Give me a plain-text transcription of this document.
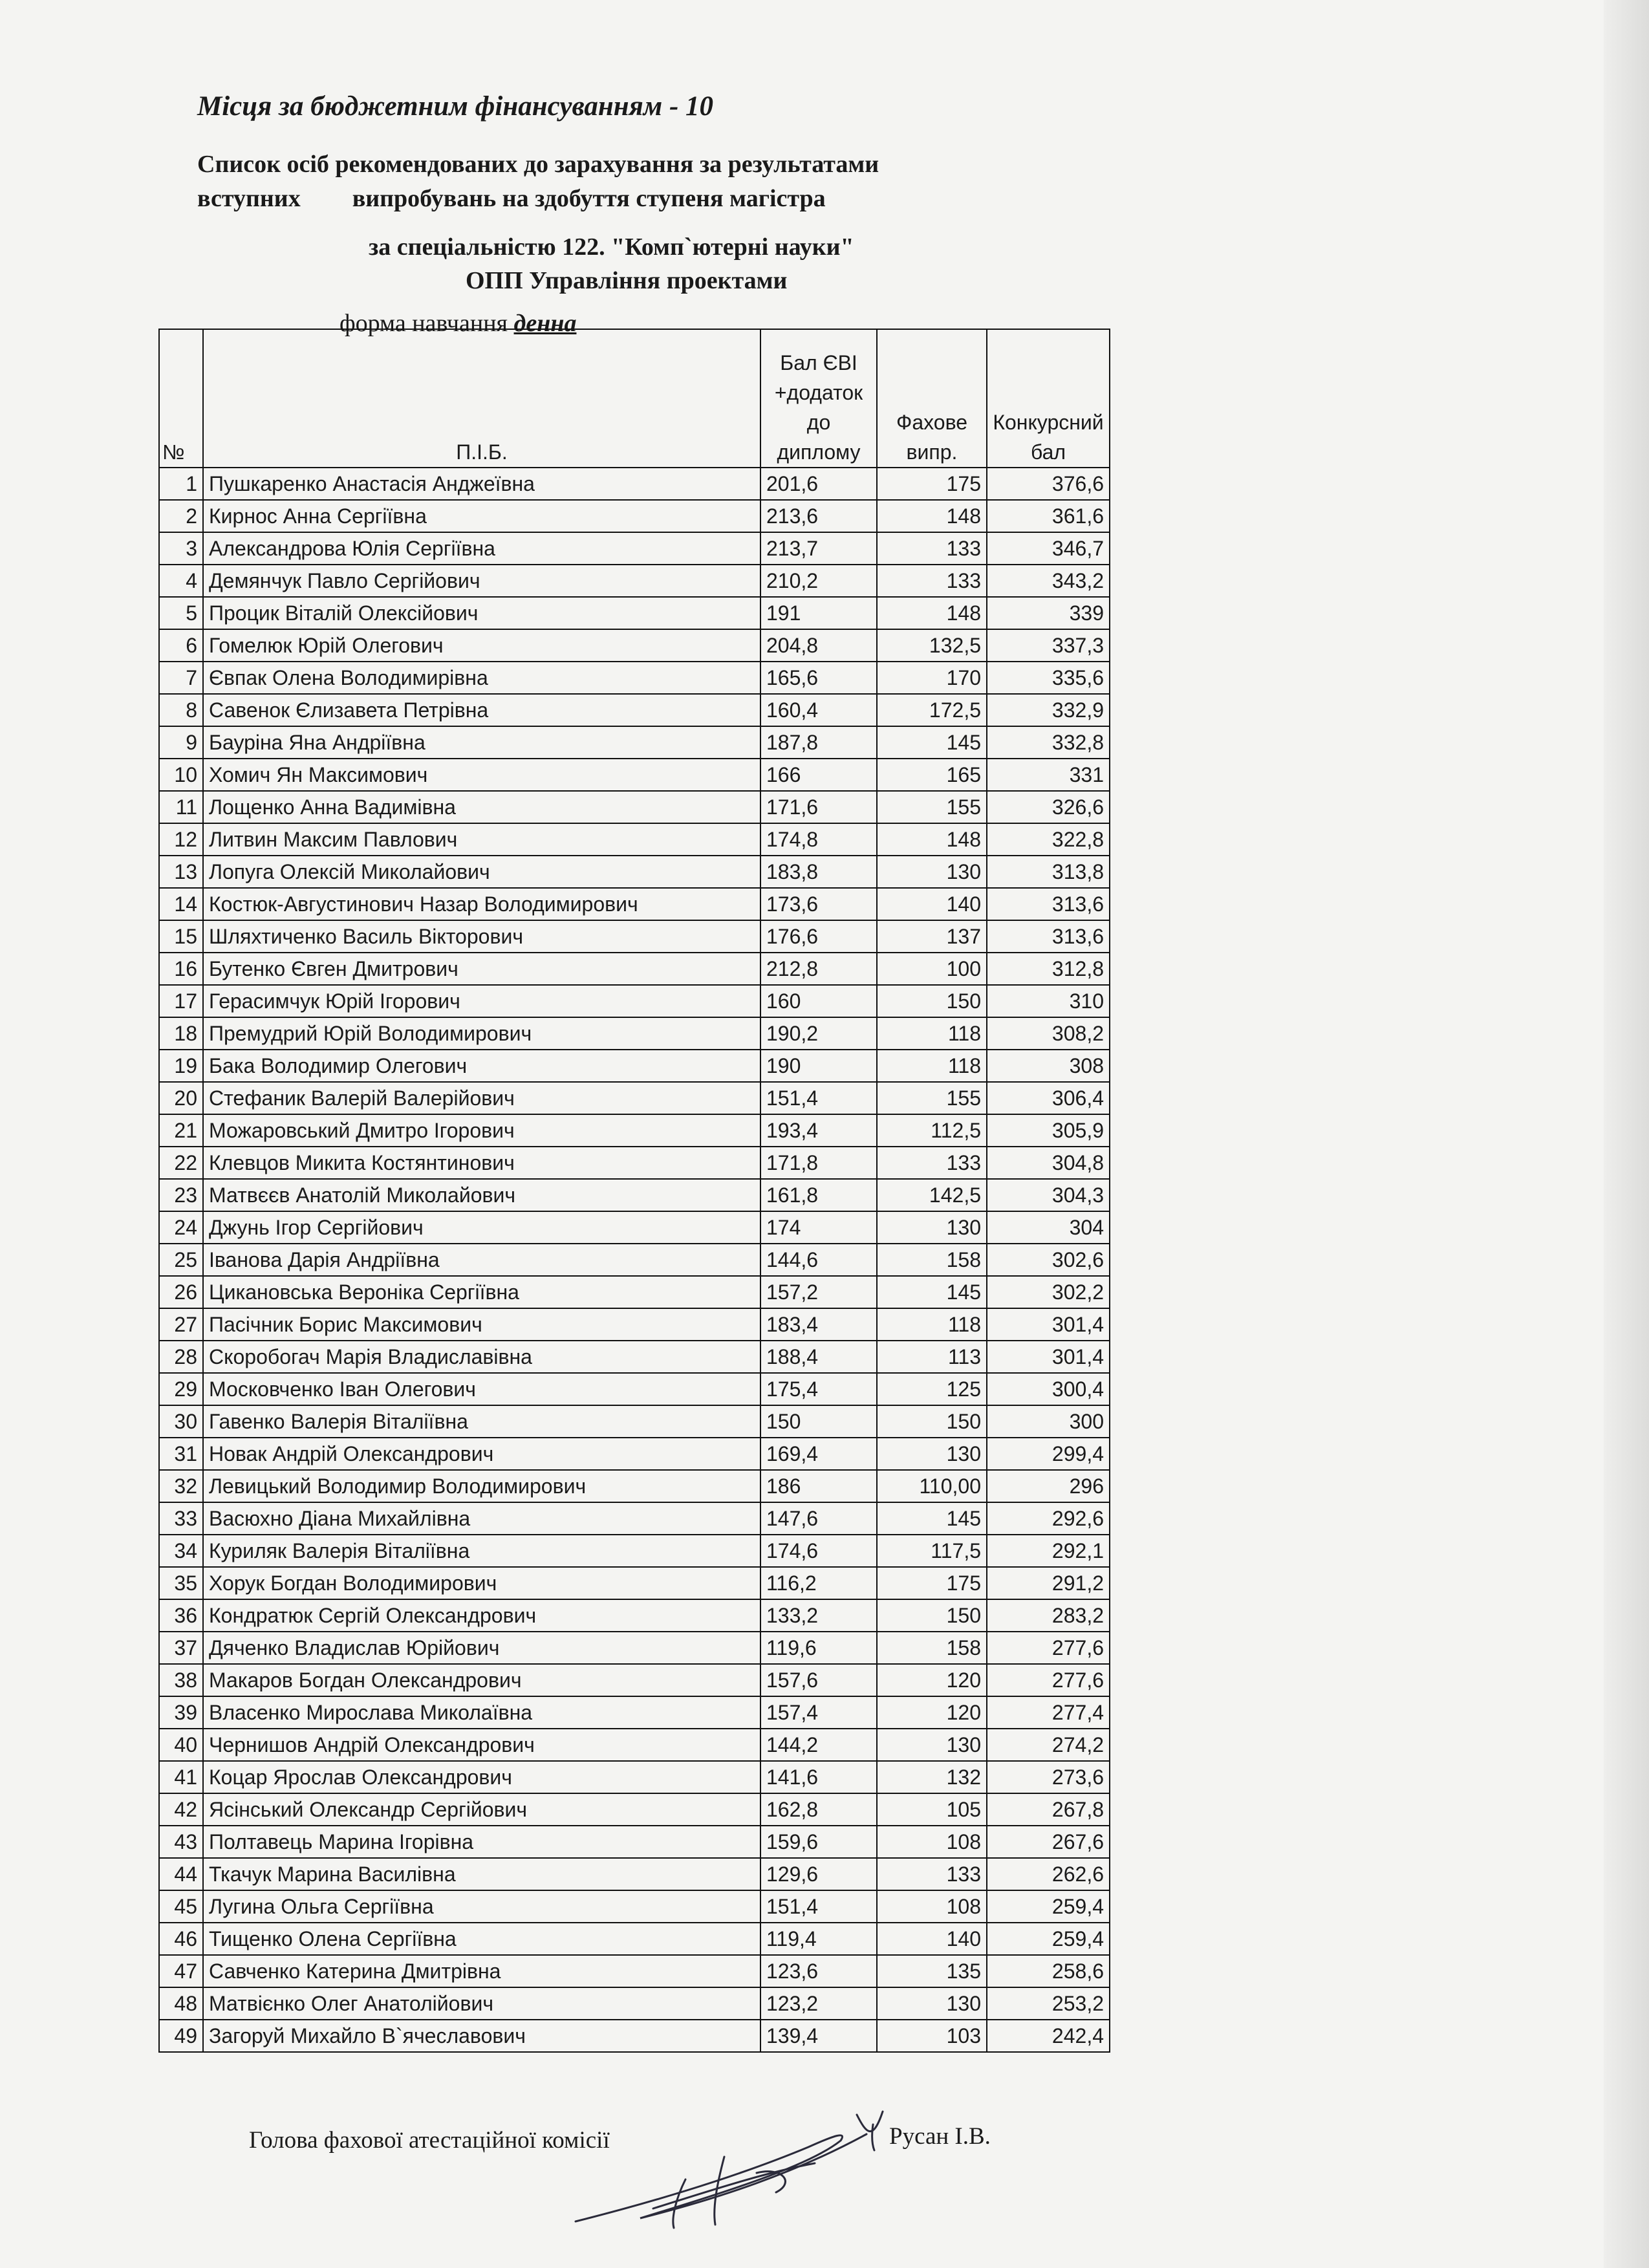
Місця за бюджетним фінансуванням - 10
Список осіб рекомендованих до зарахування за результатами
вступних випробувань на здобуття ступеня магістра
за спеціальністю 122. "Комп`ютерні науки"
ОПП Управління проектами
форма навчання денна
№	П.І.Б.	Бал ЄВІ +додаток до диплому	Фахове випр.	Конкурсний бал
1	Пушкаренко Анастасія Анджеївна	201,6	175	376,6
2	Кирнос Анна Сергіївна	213,6	148	361,6
3	Александрова Юлія Сергіївна	213,7	133	346,7
4	Демянчук Павло Сергійович	210,2	133	343,2
5	Процик Віталій Олексійович	191	148	339
6	Гомелюк Юрій Олегович	204,8	132,5	337,3
7	Євпак Олена Володимирівна	165,6	170	335,6
8	Савенок Єлизавета Петрівна	160,4	172,5	332,9
9	Бауріна Яна Андріївна	187,8	145	332,8
10	Хомич Ян Максимович	166	165	331
11	Лощенко Анна Вадимівна	171,6	155	326,6
12	Литвин Максим Павлович	174,8	148	322,8
13	Лопуга Олексій Миколайович	183,8	130	313,8
14	Костюк-Августинович Назар Володимирович	173,6	140	313,6
15	Шляхтиченко Василь Вікторович	176,6	137	313,6
16	Бутенко Євген Дмитрович	212,8	100	312,8
17	Герасимчук Юрій Ігорович	160	150	310
18	Премудрий Юрій Володимирович	190,2	118	308,2
19	Бака Володимир Олегович	190	118	308
20	Стефаник Валерій Валерійович	151,4	155	306,4
21	Можаровський Дмитро Ігорович	193,4	112,5	305,9
22	Клевцов Микита Костянтинович	171,8	133	304,8
23	Матвєєв Анатолій Миколайович	161,8	142,5	304,3
24	Джунь Ігор Сергійович	174	130	304
25	Іванова Дарія Андріївна	144,6	158	302,6
26	Цикановська Вероніка Сергіївна	157,2	145	302,2
27	Пасічник Борис Максимович	183,4	118	301,4
28	Скоробогач Марія Владиславівна	188,4	113	301,4
29	Московченко Іван Олегович	175,4	125	300,4
30	Гавенко Валерія Віталіївна	150	150	300
31	Новак Андрій Олександрович	169,4	130	299,4
32	Левицький Володимир Володимирович	186	110,00	296
33	Васюхно Діана Михайлівна	147,6	145	292,6
34	Куриляк Валерія Віталіївна	174,6	117,5	292,1
35	Хорук Богдан Володимирович	116,2	175	291,2
36	Кондратюк Сергій Олександрович	133,2	150	283,2
37	Дяченко Владислав Юрійович	119,6	158	277,6
38	Макаров Богдан Олександрович	157,6	120	277,6
39	Власенко Мирослава Миколаївна	157,4	120	277,4
40	Чернишов Андрій Олександрович	144,2	130	274,2
41	Коцар Ярослав Олександрович	141,6	132	273,6
42	Ясінський Олександр Сергійович	162,8	105	267,8
43	Полтавець Марина Ігорівна	159,6	108	267,6
44	Ткачук Марина Василівна	129,6	133	262,6
45	Лугина Ольга Сергіївна	151,4	108	259,4
46	Тищенко Олена Сергіївна	119,4	140	259,4
47	Савченко Катерина Дмитрівна	123,6	135	258,6
48	Матвієнко Олег Анатолійович	123,2	130	253,2
49	Загоруй Михайло В`ячеславович	139,4	103	242,4
Голова фахової атестаційної комісії	Русан І.В.
